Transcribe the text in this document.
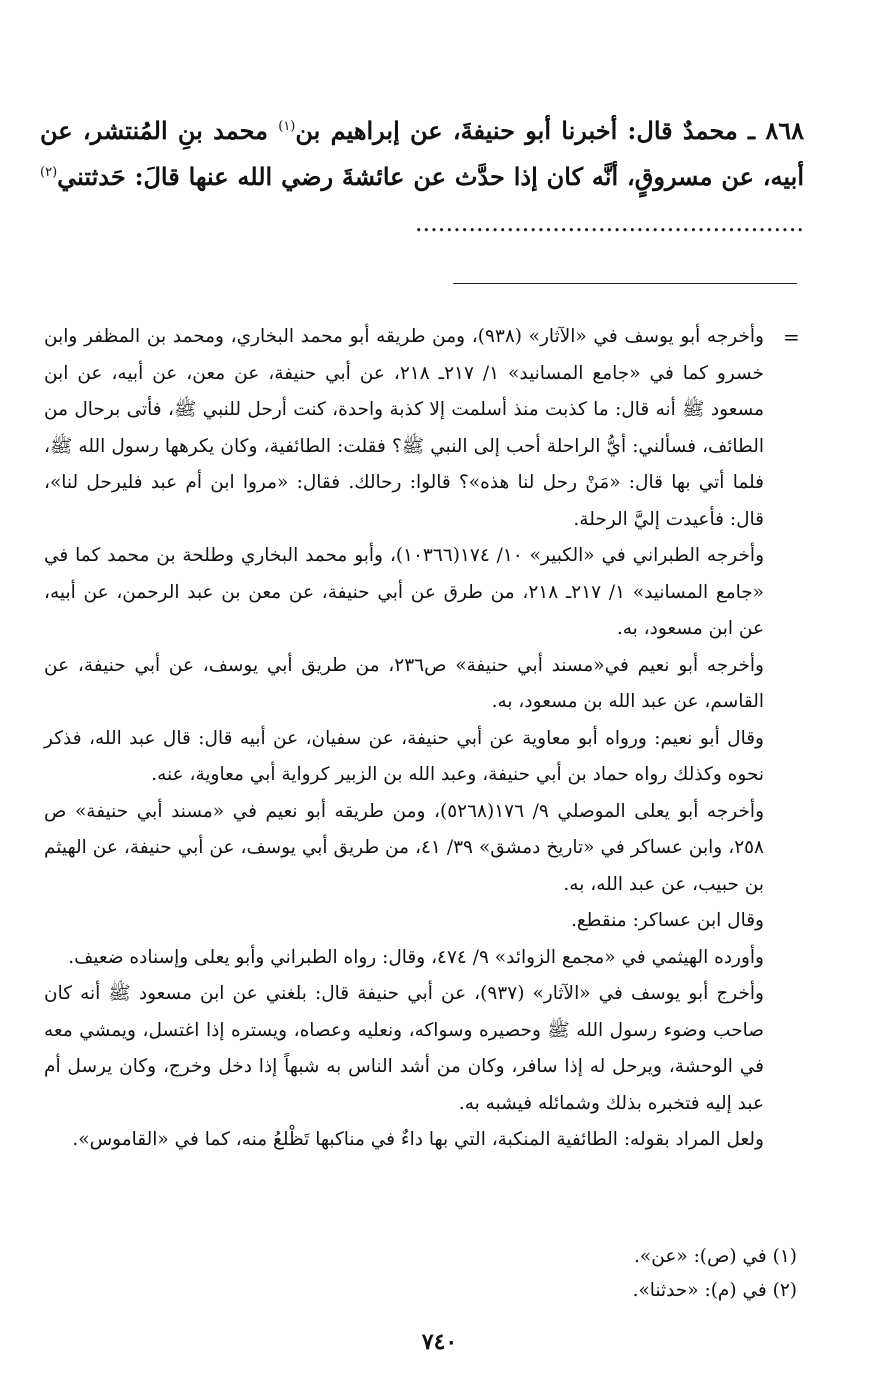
٨٦٨ ـ محمدٌ قال: أخبرنا أبو حنيفةَ، عن إبراهيم بن$^{(١)}$ محمد بنِ المُنتشر، عن أبيه، عن مسروقٍ، أنَّه كان إذا حدَّث عن عائشةَ رضي الله عنها قالَ: حَدثتني$^{(٢)}$ ...................................................

=

وأخرجه أبو يوسف في «الآثار» (٩٣٨)، ومن طريقه أبو محمد البخاري، ومحمد بن المظفر وابن خسرو كما في «جامع المسانيد» ١/ ٢١٧ـ ٢١٨، عن أبي حنيفة، عن معن، عن أبيه، عن ابن مسعود ﷺ أنه قال: ما كذبت منذ أسلمت إلا كذبة واحدة، كنت أرحل للنبي ﷺ، فأتى برحال من الطائف، فسألني: أيُّ الراحلة أحب إلى النبي ﷺ؟ فقلت: الطائفية، وكان يكرهها رسول الله ﷺ، فلما أتي بها قال: «مَنْ رحل لنا هذه»؟ قالوا: رحالك. فقال: «مروا ابن أم عبد فليرحل لنا»، قال: فأعيدت إليَّ الرحلة.

وأخرجه الطبراني في «الكبير» ١٠/ ١٧٤(١٠٣٦٦)، وأبو محمد البخاري وطلحة بن محمد كما في «جامع المسانيد» ١/ ٢١٧ـ ٢١٨، من طرق عن أبي حنيفة، عن معن بن عبد الرحمن، عن أبيه، عن ابن مسعود، به.

وأخرجه أبو نعيم في«مسند أبي حنيفة» ص٢٣٦، من طريق أبي يوسف، عن أبي حنيفة، عن القاسم، عن عبد الله بن مسعود، به.

وقال أبو نعيم: ورواه أبو معاوية عن أبي حنيفة، عن سفيان، عن أبيه قال: قال عبد الله، فذكر نحوه وكذلك رواه حماد بن أبي حنيفة، وعبد الله بن الزبير كرواية أبي معاوية، عنه.

وأخرجه أبو يعلى الموصلي ٩/ ١٧٦(٥٢٦٨)، ومن طريقه أبو نعيم في «مسند أبي حنيفة» ص ٢٥٨، وابن عساكر في «تاريخ دمشق» ٣٩/ ٤١، من طريق أبي يوسف، عن أبي حنيفة، عن الهيثم بن حبيب، عن عبد الله، به.

وقال ابن عساكر: منقطع.

وأورده الهيثمي في «مجمع الزوائد» ٩/ ٤٧٤، وقال: رواه الطبراني وأبو يعلى وإسناده ضعيف.

وأخرج أبو يوسف في «الآثار» (٩٣٧)، عن أبي حنيفة قال: بلغني عن ابن مسعود ﷺ أنه كان صاحب وضوء رسول الله ﷺ وحصيره وسواكه، ونعليه وعصاه، ويستره إذا اغتسل، ويمشي معه في الوحشة، ويرحل له إذا سافر، وكان من أشد الناس به شبهاً إذا دخل وخرج، وكان يرسل أم عبد إليه فتخبره بذلك وشمائله فيشبه به.

ولعل المراد بقوله: الطائفية المنكبة، التي بها داءٌ في مناكبها تَظْلعُ منه، كما في «القاموس».

(١) في (ص): «عن».
(٢) في (م): «حدثنا».
٧٤٠
